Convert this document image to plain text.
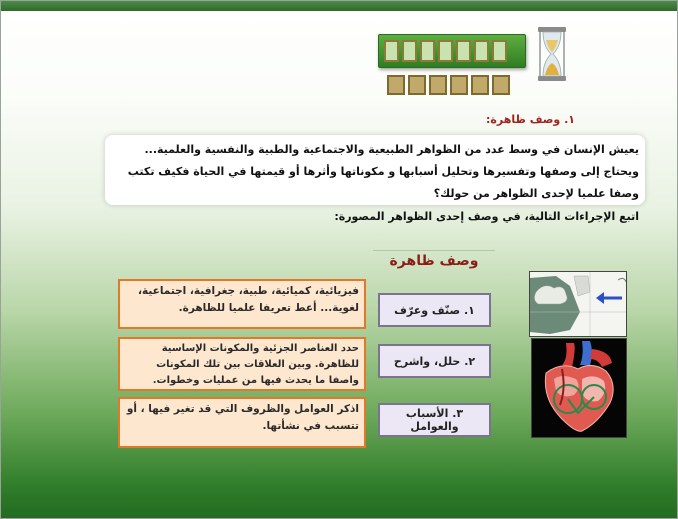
١. وصف ظاهرة:

يعيش الإنسان في وسط عدد من الظواهر الطبيعية والاجتماعية والطبية والنفسية والعلمية... ويحتاج إلى وصفها وتفسيرها وتحليل أسبابها و مكوناتها وأثرها أو قيمتها في الحياة فكيف تكتب وصفا علميا لإحدى الظواهر من حولك؟

اتبع الإجراءات التالية، في وصف إحدى الظواهر المصورة:
وصف ظاهرة
فيزيائية، كميائية، طبية، جغرافية، اجتماعية، لغوية... أعط تعريفا علميا للظاهرة.	١. صنّف وعرّف
حدد العناصر الجزئية والمكونات الإساسية للظاهرة. وبين العلاقات بين تلك المكونات واصفا ما يحدث فيها من عمليات وخطوات.
٢. حلل، واشرح
اذكر العوامل والظروف التي قد تغير فيها ، أو تتسبب في نشأتها.
٣. الأسباب والعوامل
